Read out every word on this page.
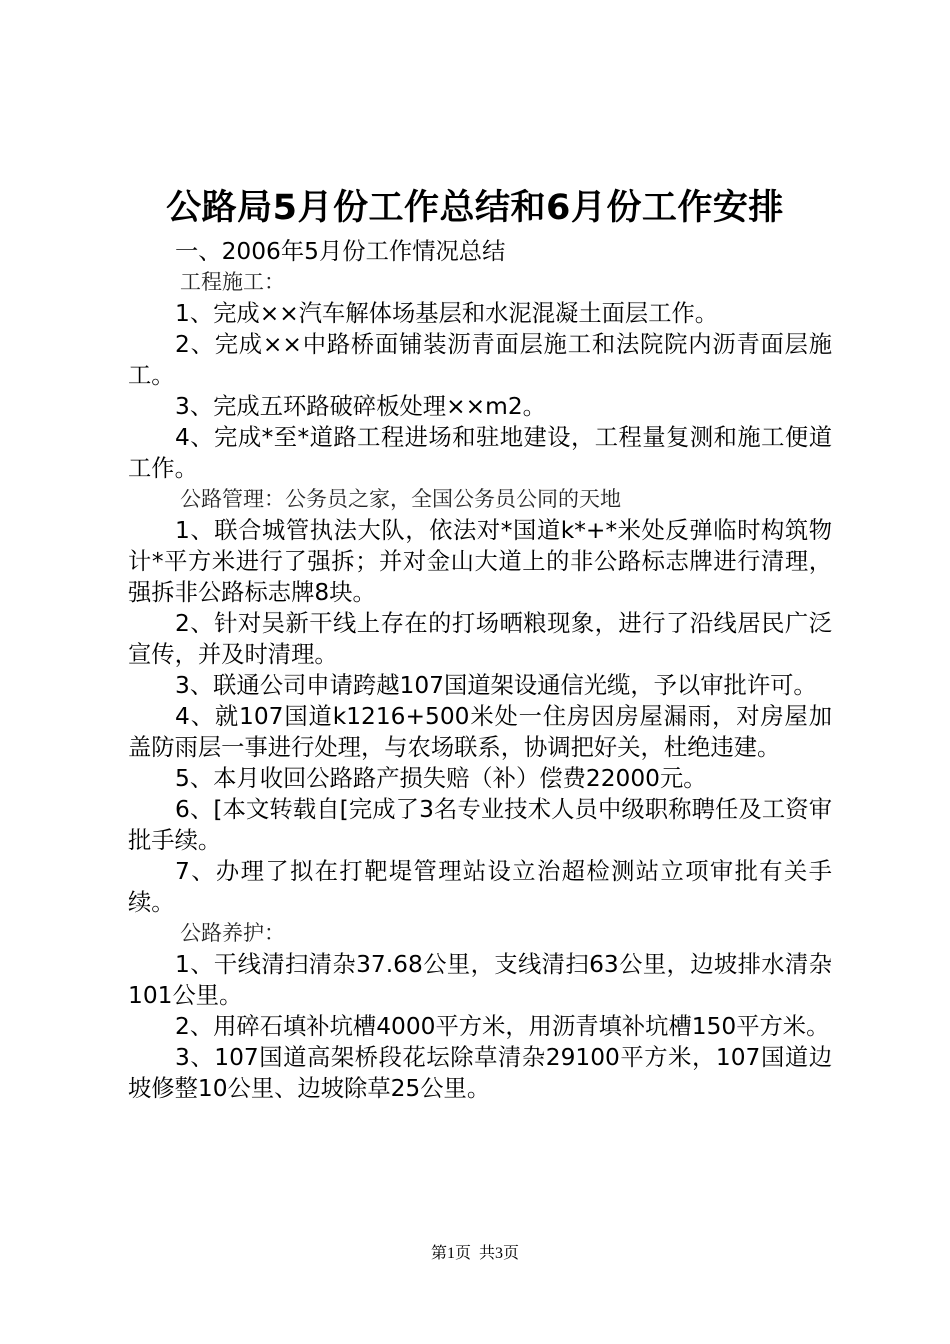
公路局5月份工作总结和6月份工作安排

一、2006年5月份工作情况总结

工程施工：

1、完成××汽车解体场基层和水泥混凝土面层工作。

2、完成××中路桥面铺装沥青面层施工和法院院内沥青面层施工。

3、完成五环路破碎板处理××m2。

4、完成*至*道路工程进场和驻地建设，工程量复测和施工便道工作。

公路管理：公务员之家，全国公务员公同的天地

1、联合城管执法大队，依法对*国道k*+*米处反弹临时构筑物计*平方米进行了强拆；并对金山大道上的非公路标志牌进行清理，强拆非公路标志牌8块。

2、针对吴新干线上存在的打场晒粮现象，进行了沿线居民广泛宣传，并及时清理。

3、联通公司申请跨越107国道架设通信光缆，予以审批许可。

4、就107国道k1216+500米处一住房因房屋漏雨，对房屋加盖防雨层一事进行处理，与农场联系，协调把好关，杜绝违建。

5、本月收回公路路产损失赔（补）偿费22000元。

6、[本文转载自[完成了3名专业技术人员中级职称聘任及工资审批手续。

7、办理了拟在打靶堤管理站设立治超检测站立项审批有关手续。

公路养护：

1、干线清扫清杂37.68公里，支线清扫63公里，边坡排水清杂101公里。

2、用碎石填补坑槽4000平方米，用沥青填补坑槽150平方米。

3、107国道高架桥段花坛除草清杂29100平方米，107国道边坡修整10公里、边坡除草25公里。

第1页 共3页
